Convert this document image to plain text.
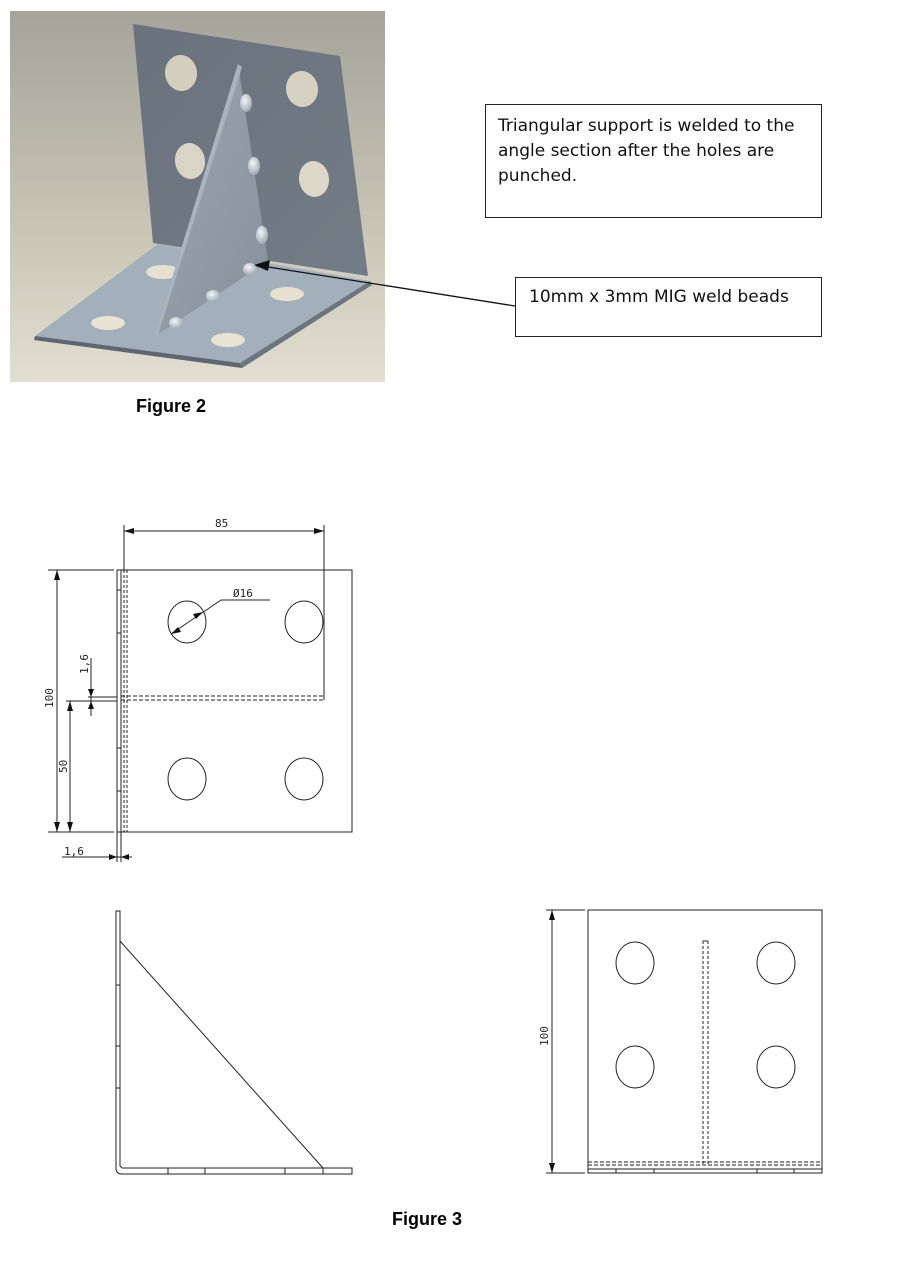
Triangular support is welded to the angle section after the holes are punched.
10mm x 3mm MIG weld beads
Figure 2
85
Ø16
100
50
1,6
1,6
100
Figure 3
